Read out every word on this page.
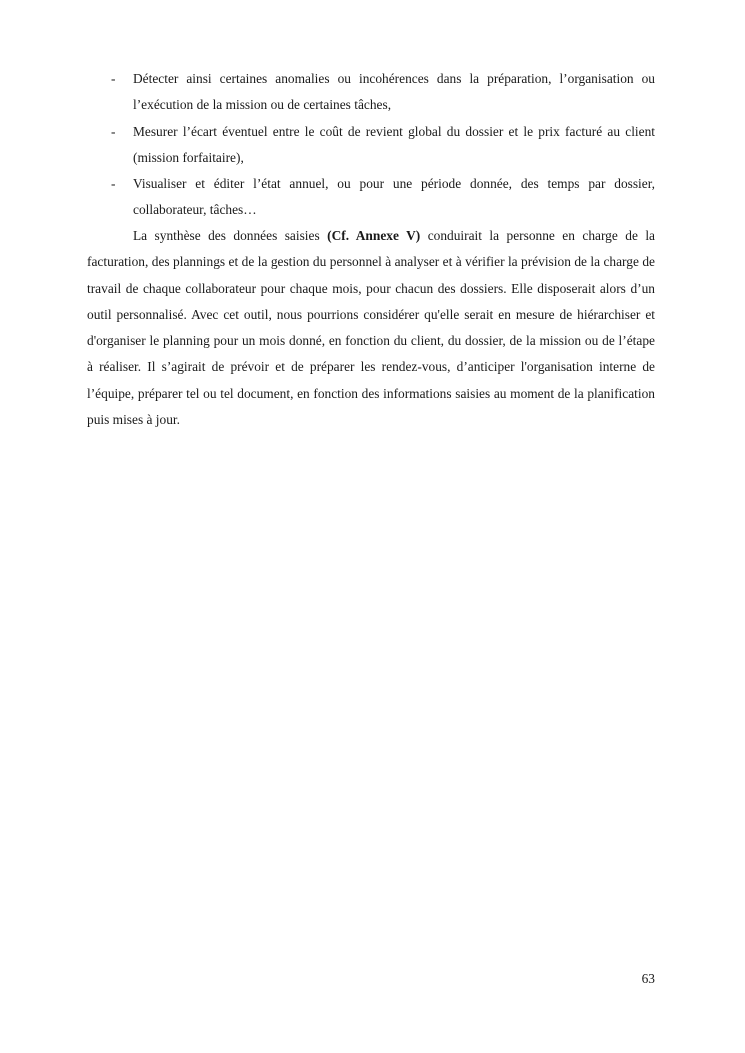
- Détecter ainsi certaines anomalies ou incohérences dans la préparation, l’organisation ou l’exécution de la mission ou de certaines tâches,
- Mesurer l’écart éventuel entre le coût de revient global du dossier et le prix facturé au client (mission forfaitaire),
- Visualiser et éditer l’état annuel, ou pour une période donnée, des temps par dossier, collaborateur, tâches…

La synthèse des données saisies (Cf. Annexe V) conduirait la personne en charge de la facturation, des plannings et de la gestion du personnel à analyser et à vérifier la prévision de la charge de travail de chaque collaborateur pour chaque mois, pour chacun des dossiers. Elle disposerait alors d’un outil personnalisé. Avec cet outil, nous pourrions considérer qu'elle serait en mesure de hiérarchiser et d'organiser le planning pour un mois donné, en fonction du client, du dossier, de la mission ou de l’étape à réaliser. Il s’agirait de prévoir et de préparer les rendez-vous, d’anticiper l'organisation interne de l’équipe, préparer tel ou tel document, en fonction des informations saisies au moment de la planification puis mises à jour.

63
